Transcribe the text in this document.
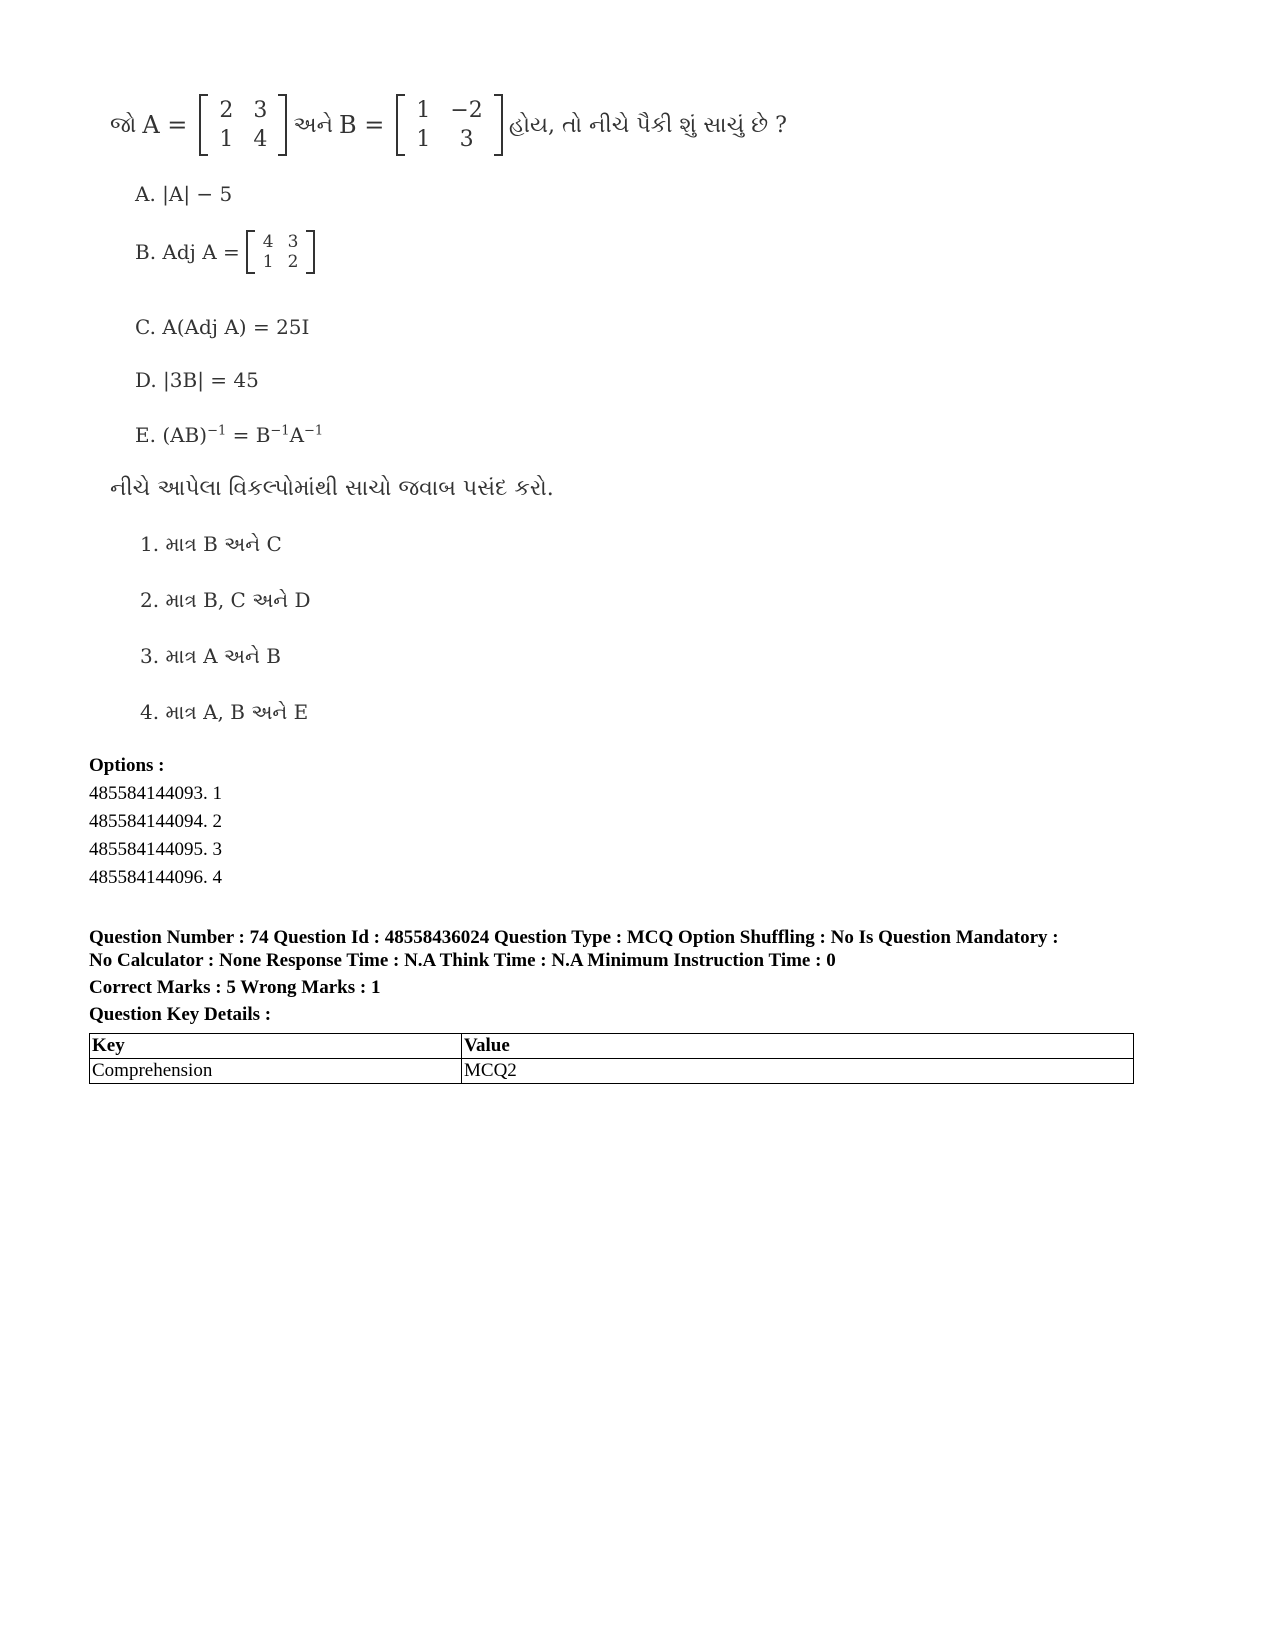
જો A =
2	3
1	4
અને B =
1	−2
1	3
હોય, તો નીચે પૈકી શું સાચું છે ?
A. |A| − 5
B. Adj A = 4	3
1	2
C. A(Adj A) = 25I
D. |3B| = 45
E. $(AB)^{-1} = B^{-1}A^{-1}$
નીચે આપેલા વિકલ્પોમાંથી સાચો જવાબ પસંદ કરો.
1. માત્ર B અને C
2. માત્ર B, C અને D
3. માત્ર A અને B
4. માત્ર A, B અને E
Options :
485584144093. 1
485584144094. 2
485584144095. 3
485584144096. 4
Question Number : 74 Question Id : 48558436024 Question Type : MCQ Option Shuffling : No Is Question Mandatory :
No Calculator : None Response Time : N.A Think Time : N.A Minimum Instruction Time : 0
Correct Marks : 5 Wrong Marks : 1
Question Key Details :
Key	Value
Comprehension	MCQ2
